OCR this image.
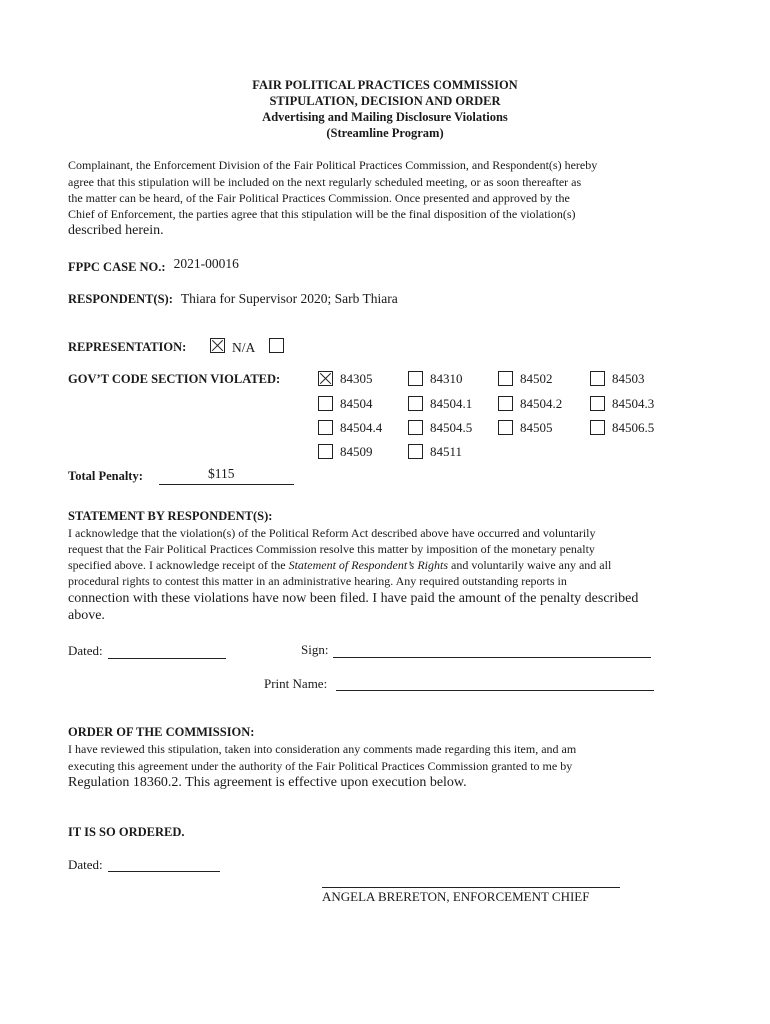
FAIR POLITICAL PRACTICES COMMISSION
STIPULATION, DECISION AND ORDER
Advertising and Mailing Disclosure Violations
(Streamline Program)
Complainant, the Enforcement Division of the Fair Political Practices Commission, and Respondent(s) hereby
agree that this stipulation will be included on the next regularly scheduled meeting, or as soon thereafter as
the matter can be heard, of the Fair Political Practices Commission. Once presented and approved by the
Chief of Enforcement, the parties agree that this stipulation will be the final disposition of the violation(s)
described herein.
FPPC CASE NO.: 2021-00016
RESPONDENT(S): Thiara for Supervisor 2020; Sarb Thiara
REPRESENTATION:	N/A
GOV’T CODE SECTION VIOLATED:	84305	84310	84502	84503
84504	84504.1	84504.2	84504.3
84504.4	84504.5	84505	84506.5
84509	84511
Total Penalty:	$115
STATEMENT BY RESPONDENT(S):
I acknowledge that the violation(s) of the Political Reform Act described above have occurred and voluntarily
request that the Fair Political Practices Commission resolve this matter by imposition of the monetary penalty
specified above. I acknowledge receipt of the Statement of Respondent’s Rights and voluntarily waive any and all
procedural rights to contest this matter in an administrative hearing. Any required outstanding reports in
connection with these violations have now been filed. I have paid the amount of the penalty described
above.
Dated:	Sign:
Print Name:
ORDER OF THE COMMISSION:
I have reviewed this stipulation, taken into consideration any comments made regarding this item, and am
executing this agreement under the authority of the Fair Political Practices Commission granted to me by
Regulation 18360.2. This agreement is effective upon execution below.
IT IS SO ORDERED.
Dated:
ANGELA BRERETON, ENFORCEMENT CHIEF
